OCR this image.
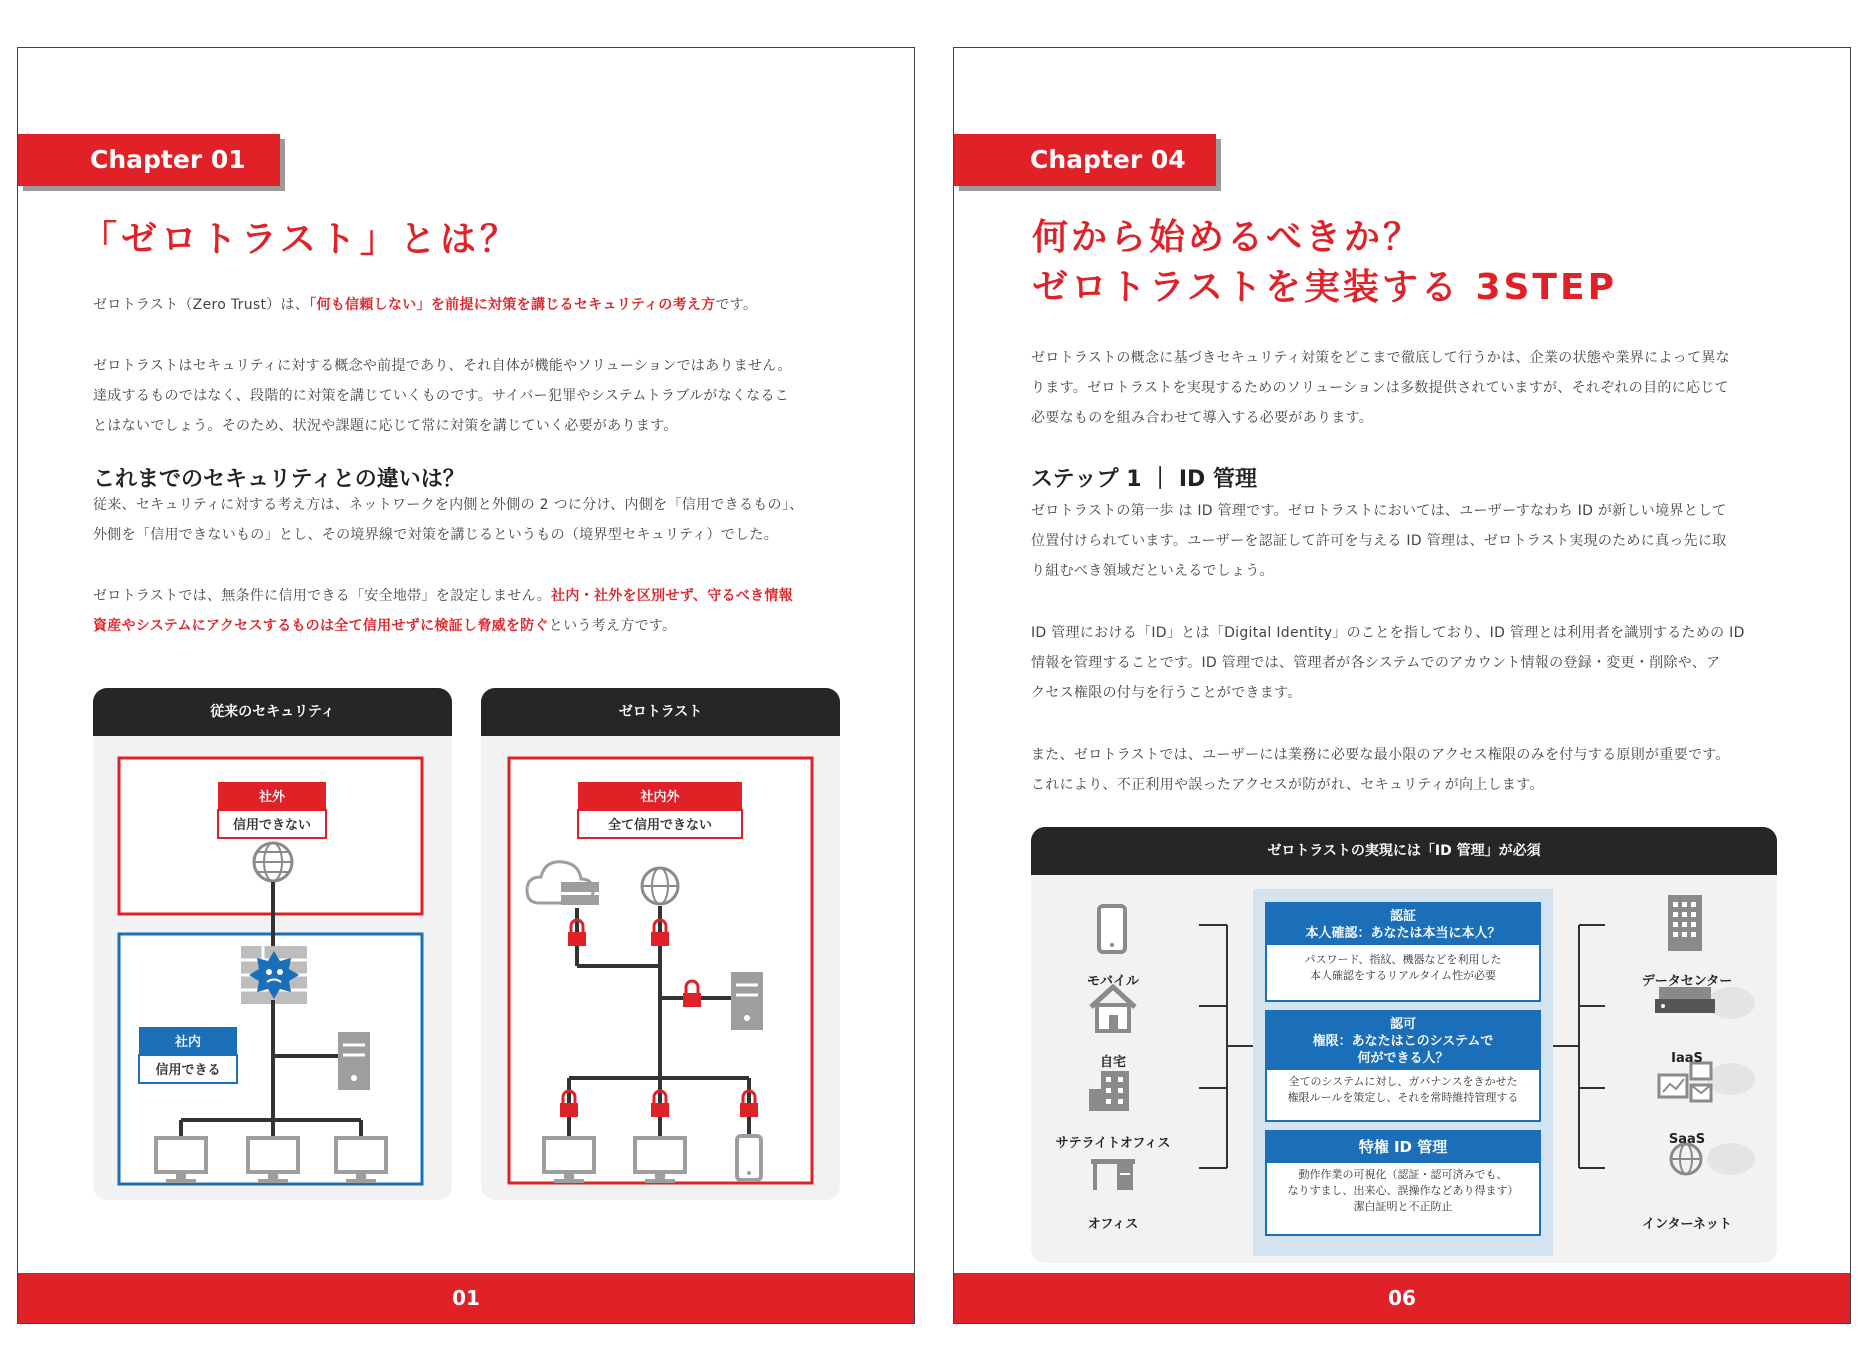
Chapter 01
「ゼロトラスト」とは？
ゼロトラスト（Zero Trust）は、「何も信頼しない」を前提に対策を講じるセキュリティの考え方です。
ゼロトラストはセキュリティに対する概念や前提であり、それ自体が機能やソリューションではありません。
達成するものではなく、段階的に対策を講じていくものです。サイバー犯罪やシステムトラブルがなくなるこ
とはないでしょう。そのため、状況や課題に応じて常に対策を講じていく必要があります。
これまでのセキュリティとの違いは？
従来、セキュリティに対する考え方は、ネットワークを内側と外側の 2 つに分け、内側を「信用できるもの」、
外側を「信用できないもの」とし、その境界線で対策を講じるというもの（境界型セキュリティ）でした。
ゼロトラストでは、無条件に信用できる「安全地帯」を設定しません。社内・社外を区別せず、守るべき情報
資産やシステムにアクセスするものは全て信用せずに検証し脅威を防ぐという考え方です。
従来のセキュリティ
社外
信用できない
社内
信用できる
ゼロトラスト
社内外
全て信用できない
01
Chapter 04
何から始めるべきか？
ゼロトラストを実装する 3STEP
ゼロトラストの概念に基づきセキュリティ対策をどこまで徹底して行うかは、企業の状態や業界によって異な
ります。ゼロトラストを実現するためのソリューションは多数提供されていますが、それぞれの目的に応じて
必要なものを組み合わせて導入する必要があります。
ステップ 1 ｜ ID 管理
ゼロトラストの第一歩 は ID 管理です。ゼロトラストにおいては、ユーザーすなわち ID が新しい境界として
位置付けられています。ユーザーを認証して許可を与える ID 管理は、ゼロトラスト実現のために真っ先に取
り組むべき領域だといえるでしょう。
ID 管理における「ID」とは「Digital Identity」のことを指しており、ID 管理とは利用者を識別するための ID
情報を管理することです。ID 管理では、管理者が各システムでのアカウント情報の登録・変更・削除や、ア
クセス権限の付与を行うことができます。
また、ゼロトラストでは、ユーザーには業務に必要な最小限のアクセス権限のみを付与する原則が重要です。
これにより、不正利用や誤ったアクセスが防がれ、セキュリティが向上します。
ゼロトラストの実現には「ID 管理」が必須
モバイル
自宅
サテライトオフィス
オフィス
データセンター
IaaS
SaaS
インターネット
認証
本人確認：あなたは本当に本人？
パスワード、指紋、機器などを利用した
本人確認をするリアルタイム性が必要
認可
権限：あなたはこのシステムで
何ができる人？
全てのシステムに対し、ガバナンスをきかせた
権限ルールを策定し、それを常時維持管理する
特権 ID 管理
動作作業の可視化（認証・認可済みでも、
なりすまし、出来心、誤操作などあり得ます）
潔白証明と不正防止
06
